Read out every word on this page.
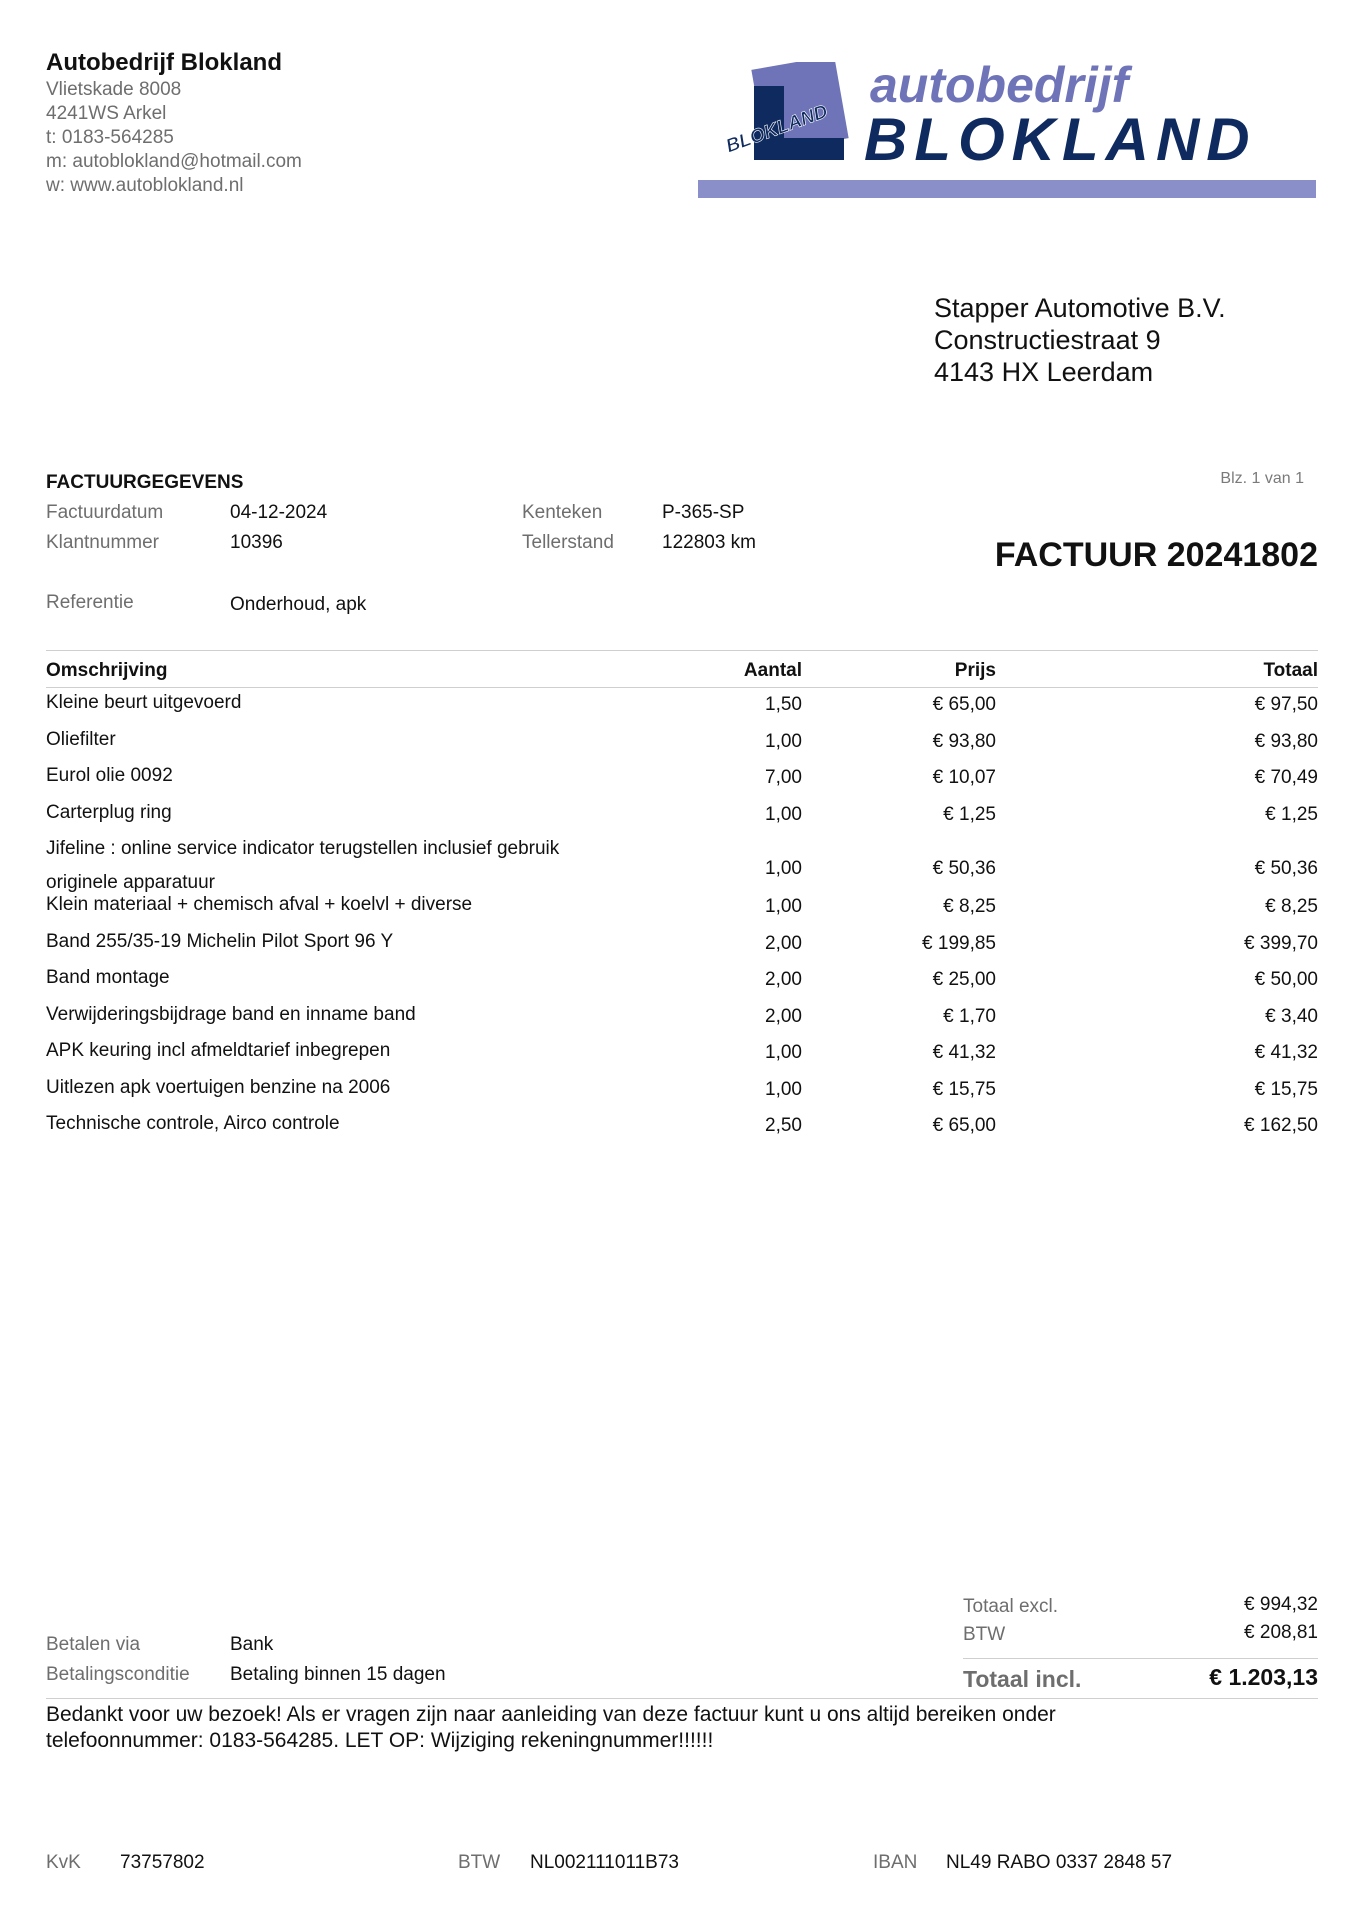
Autobedrijf Blokland
Vlietskade 8008
4241WS Arkel
t: 0183-564285
m: autoblokland@hotmail.com
w: www.autoblokland.nl
BLOKLAND
autobedrijf
BLOKLAND
Stapper Automotive B.V.
Constructiestraat 9
4143 HX Leerdam
FACTUURGEGEVENS	Blz. 1 van 1
FACTUUR 20241802
Factuurdatum	04-12-2024
Klantnummer	10396
Kenteken	P-365-SP
Tellerstand	122803 km
Referentie	Onderhoud, apk
Omschrijving	Aantal	Prijs	Totaal
Kleine beurt uitgevoerd	1,50	€ 65,00	€ 97,50
Oliefilter	1,00	€ 93,80	€ 93,80
Eurol olie 0092	7,00	€ 10,07	€ 70,49
Carterplug ring	1,00	€ 1,25	€ 1,25
Jifeline : online service indicator terugstellen inclusief gebruik
originele apparatuur
1,00	€ 50,36	€ 50,36
Klein materiaal + chemisch afval + koelvl + diverse	1,00	€ 8,25	€ 8,25
Band 255/35-19 Michelin Pilot Sport 96 Y	2,00	€ 199,85	€ 399,70
Band montage	2,00	€ 25,00	€ 50,00
Verwijderingsbijdrage band en inname band	2,00	€ 1,70	€ 3,40
APK keuring incl afmeldtarief inbegrepen	1,00	€ 41,32	€ 41,32
Uitlezen apk voertuigen benzine na 2006	1,00	€ 15,75	€ 15,75
Technische controle, Airco controle	2,50	€ 65,00	€ 162,50
Totaal excl.	€ 994,32
BTW	€ 208,81
Totaal incl.	€ 1.203,13
Betalen via	Bank
Betalingsconditie Betaling binnen 15 dagen
Bedankt voor uw bezoek! Als er vragen zijn naar aanleiding van deze factuur kunt u ons altijd bereiken onder
telefoonnummer: 0183-564285. LET OP: Wijziging rekeningnummer!!!!!!
KvK 73757802	BTW NL002111011B73	IBAN NL49 RABO 0337 2848 57
